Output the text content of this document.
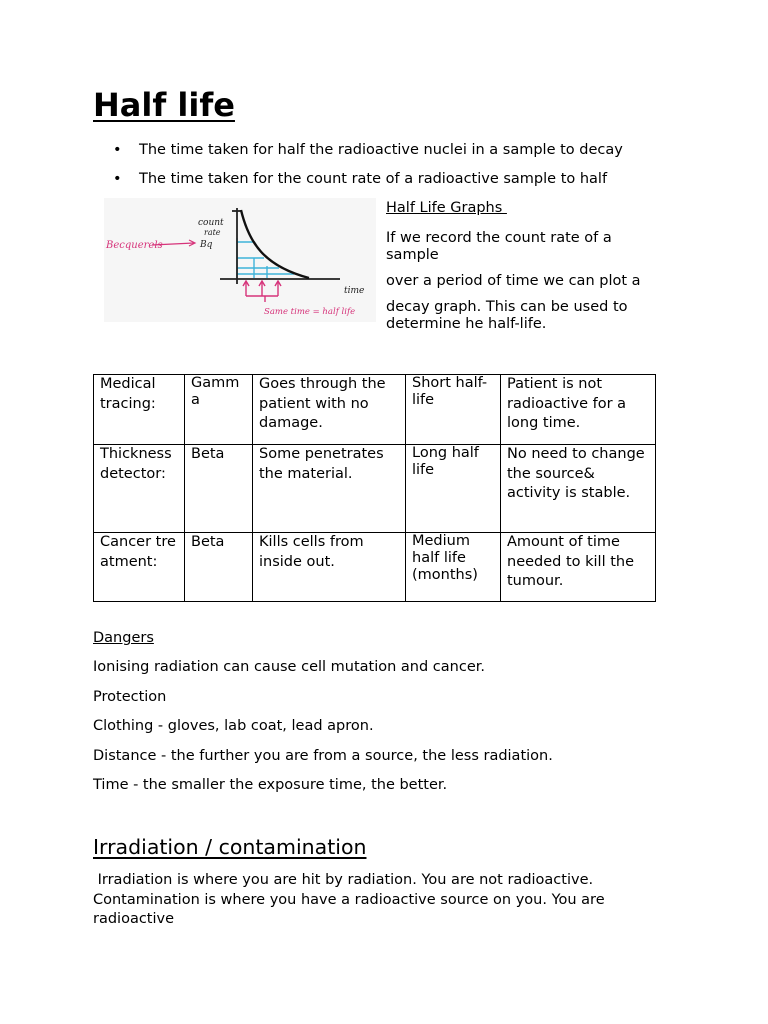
Half life
• The time taken for half the radioactive nuclei in a sample to decay
• The time taken for the count rate of a radioactive sample to half
count
rate
Bq
time
Becquerels
Same time = half life
Half Life Graphs

If we record the count rate of a sample

over a period of time we can plot a

decay graph. This can be used to determine he half-life.

Medical tracing:	Gamma	Goes through the patient with no damage.	Short half-life	Patient is not radioactive for a long time.
Thickness detector:	Beta	Some penetrates the material.	Long half life	No need to change the source& activity is stable.
Cancer treatment:	Beta	Kills cells from inside out.	Medium half life (months)	Amount of time needed to kill the tumour.
Dangers
Ionising radiation can cause cell mutation and cancer.
Protection
Clothing - gloves, lab coat, lead apron.
Distance - the further you are from a source, the less radiation.
Time - the smaller the exposure time, the better.
Irradiation / contamination
Irradiation is where you are hit by radiation. You are not radioactive. Contamination is where you have a radioactive source on you. You are radioactive
